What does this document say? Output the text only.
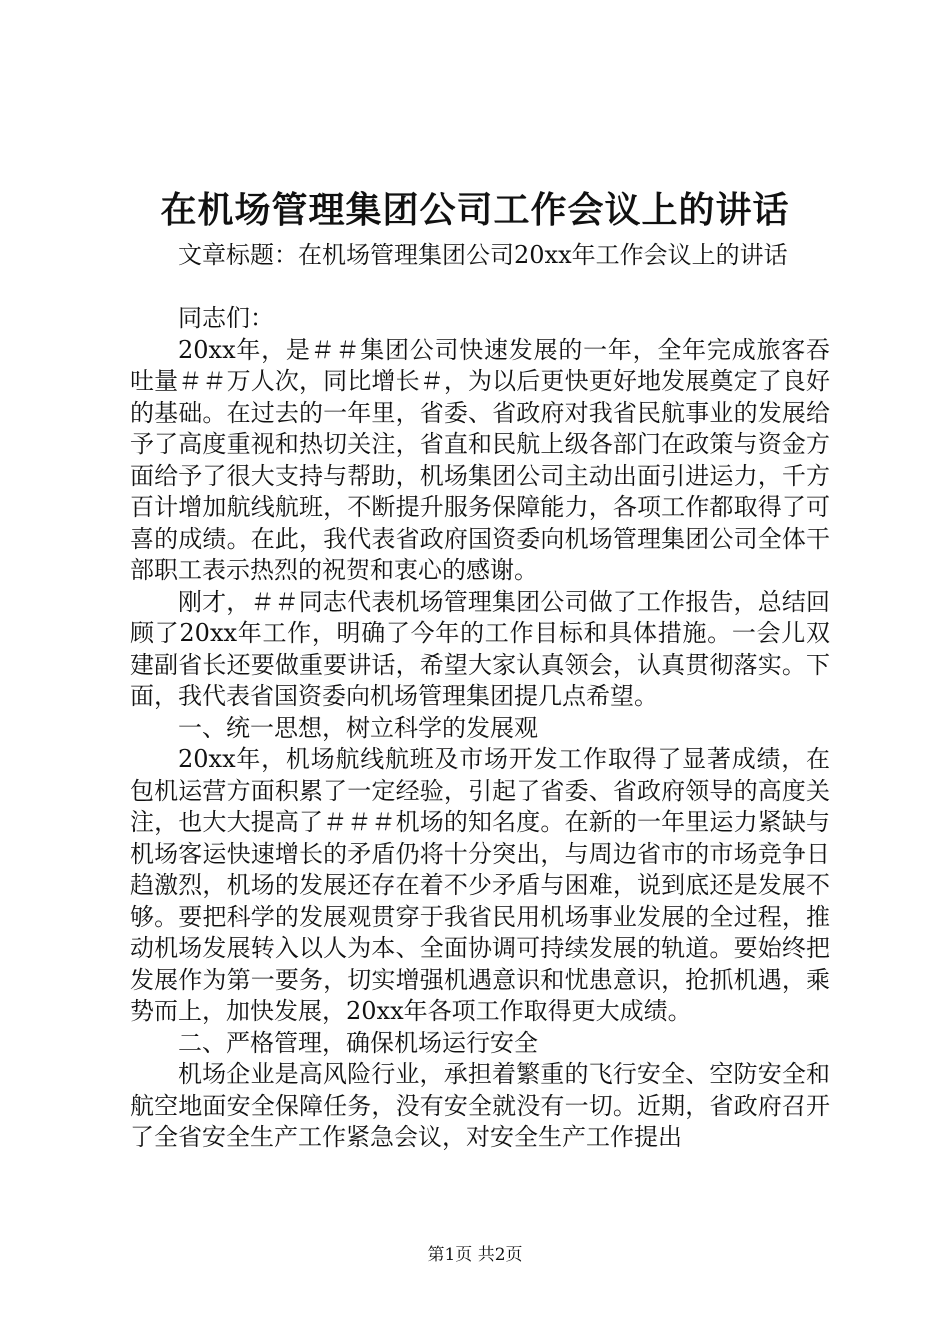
在机场管理集团公司工作会议上的讲话
文章标题：在机场管理集团公司20xx年工作会议上的讲话

同志们：

20xx年，是＃＃集团公司快速发展的一年，全年完成旅客吞吐量＃＃万人次，同比增长＃，为以后更快更好地发展奠定了良好的基础。在过去的一年里，省委、省政府对我省民航事业的发展给予了高度重视和热切关注，省直和民航上级各部门在政策与资金方面给予了很大支持与帮助，机场集团公司主动出面引进运力，千方百计增加航线航班，不断提升服务保障能力，各项工作都取得了可喜的成绩。在此，我代表省政府国资委向机场管理集团公司全体干部职工表示热烈的祝贺和衷心的感谢。

刚才，＃＃同志代表机场管理集团公司做了工作报告，总结回顾了20xx年工作，明确了今年的工作目标和具体措施。一会儿双建副省长还要做重要讲话，希望大家认真领会，认真贯彻落实。下面，我代表省国资委向机场管理集团提几点希望。

一、统一思想，树立科学的发展观

20xx年，机场航线航班及市场开发工作取得了显著成绩，在包机运营方面积累了一定经验，引起了省委、省政府领导的高度关注，也大大提高了＃＃＃机场的知名度。在新的一年里运力紧缺与机场客运快速增长的矛盾仍将十分突出，与周边省市的市场竞争日趋激烈，机场的发展还存在着不少矛盾与困难，说到底还是发展不够。要把科学的发展观贯穿于我省民用机场事业发展的全过程，推动机场发展转入以人为本、全面协调可持续发展的轨道。要始终把发展作为第一要务，切实增强机遇意识和忧患意识，抢抓机遇，乘势而上，加快发展，20xx年各项工作取得更大成绩。

二、严格管理，确保机场运行安全

机场企业是高风险行业，承担着繁重的飞行安全、空防安全和航空地面安全保障任务，没有安全就没有一切。近期，省政府召开了全省安全生产工作紧急会议，对安全生产工作提出

第1页 共2页
